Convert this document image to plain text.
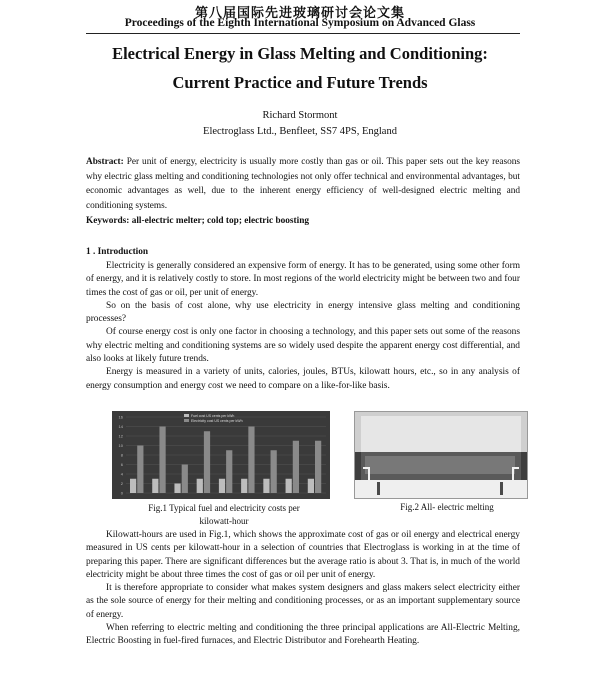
第八届国际先进玻璃研讨会论文集
Proceedings of the Eighth International Symposium on Advanced Glass
Electrical Energy in Glass Melting and Conditioning:
Current Practice and Future Trends
Richard Stormont
Electroglass Ltd., Benfleet, SS7 4PS, England
Abstract: Per unit of energy, electricity is usually more costly than gas or oil. This paper sets out the key reasons why electric glass melting and conditioning technologies not only offer technical and environmental advantages, but economic advantages as well, due to the inherent energy efficiency of well-designed electric melting and conditioning systems.
Keywords: all-electric melter; cold top; electric boosting
1 . Introduction

Electricity is generally considered an expensive form of energy. It has to be generated, using some other form of energy, and it is relatively costly to store. In most regions of the world electricity might be between two and four times the cost of gas or oil, per unit of energy.

So on the basis of cost alone, why use electricity in energy intensive glass melting and conditioning processes?

Of course energy cost is only one factor in choosing a technology, and this paper sets out some of the reasons why electric melting and conditioning systems are so widely used despite the apparent energy cost differential, and also looks at likely future trends.

Energy is measured in a variety of units, calories, joules, BTUs, kilowatt hours, etc., so in any analysis of energy consumption and energy cost we need to compare on a like-for-like basis.

0
2
4
6
8
10
12
14
16	Fuel cost US cents per kWh
Electricity cost US cents per kWh
Fig.1 Typical fuel and electricity costs per
kilowatt-hour
Fig.2 All- electric melting

Kilowatt-hours are used in Fig.1, which shows the approximate cost of gas or oil energy and electrical energy measured in US cents per kilowatt-hour in a selection of countries that Electroglass is working in at the time of preparing this paper. There are significant differences but the average ratio is about 3. That is, in much of the world electricity might be about three times the cost of gas or oil per unit of energy.

It is therefore appropriate to consider what makes system designers and glass makers select electricity either as the sole source of energy for their melting and conditioning processes, or as an important supplementary source of energy.

When referring to electric melting and conditioning the three principal applications are All-Electric Melting, Electric Boosting in fuel-fired furnaces, and Electric Distributor and Forehearth Heating.
